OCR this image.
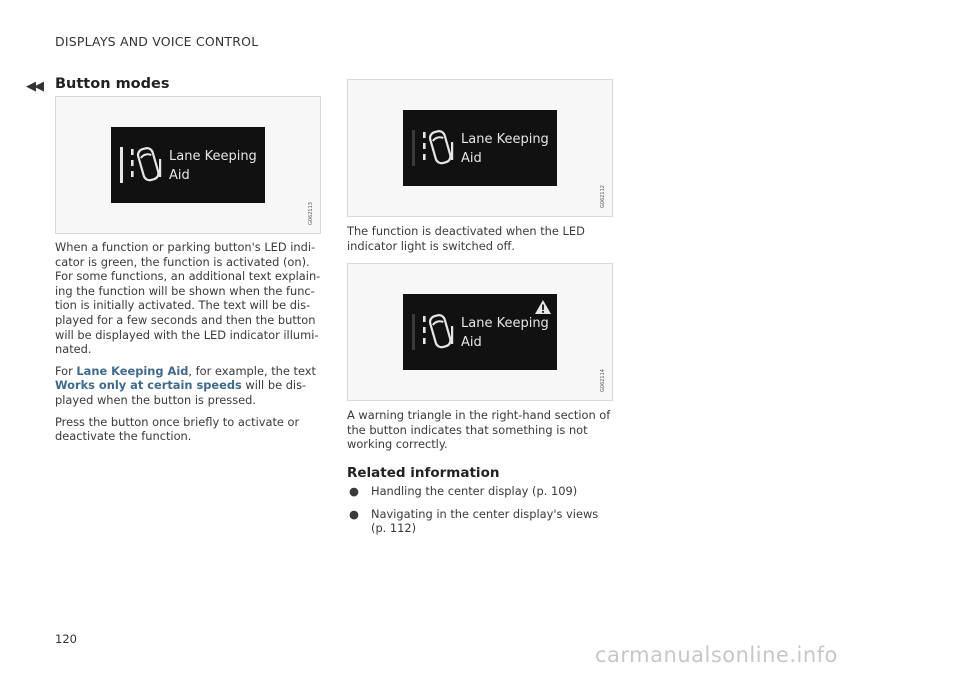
DISPLAYS AND VOICE CONTROL
◀◀ Button modes
Lane Keeping
Aid
G062113

When a function or parking button's LED indi-cator is green, the function is activated (on). For some functions, an additional text explain-ing the function will be shown when the func-tion is initially activated. The text will be dis-played for a few seconds and then the button will be displayed with the LED indicator illumi-nated.

For Lane Keeping Aid, for example, the text Works only at certain speeds will be dis-played when the button is pressed.

Press the button once briefly to activate or deactivate the function.

Lane Keeping
Aid
G062112
The function is deactivated when the LED indicator light is switched off.
Lane Keeping
Aid
G062114
A warning triangle in the right-hand section of the button indicates that something is not working correctly.
Related information
● Handling the center display (p. 109)
● Navigating in the center display's views (p. 112)
120
carmanualsonline.info
